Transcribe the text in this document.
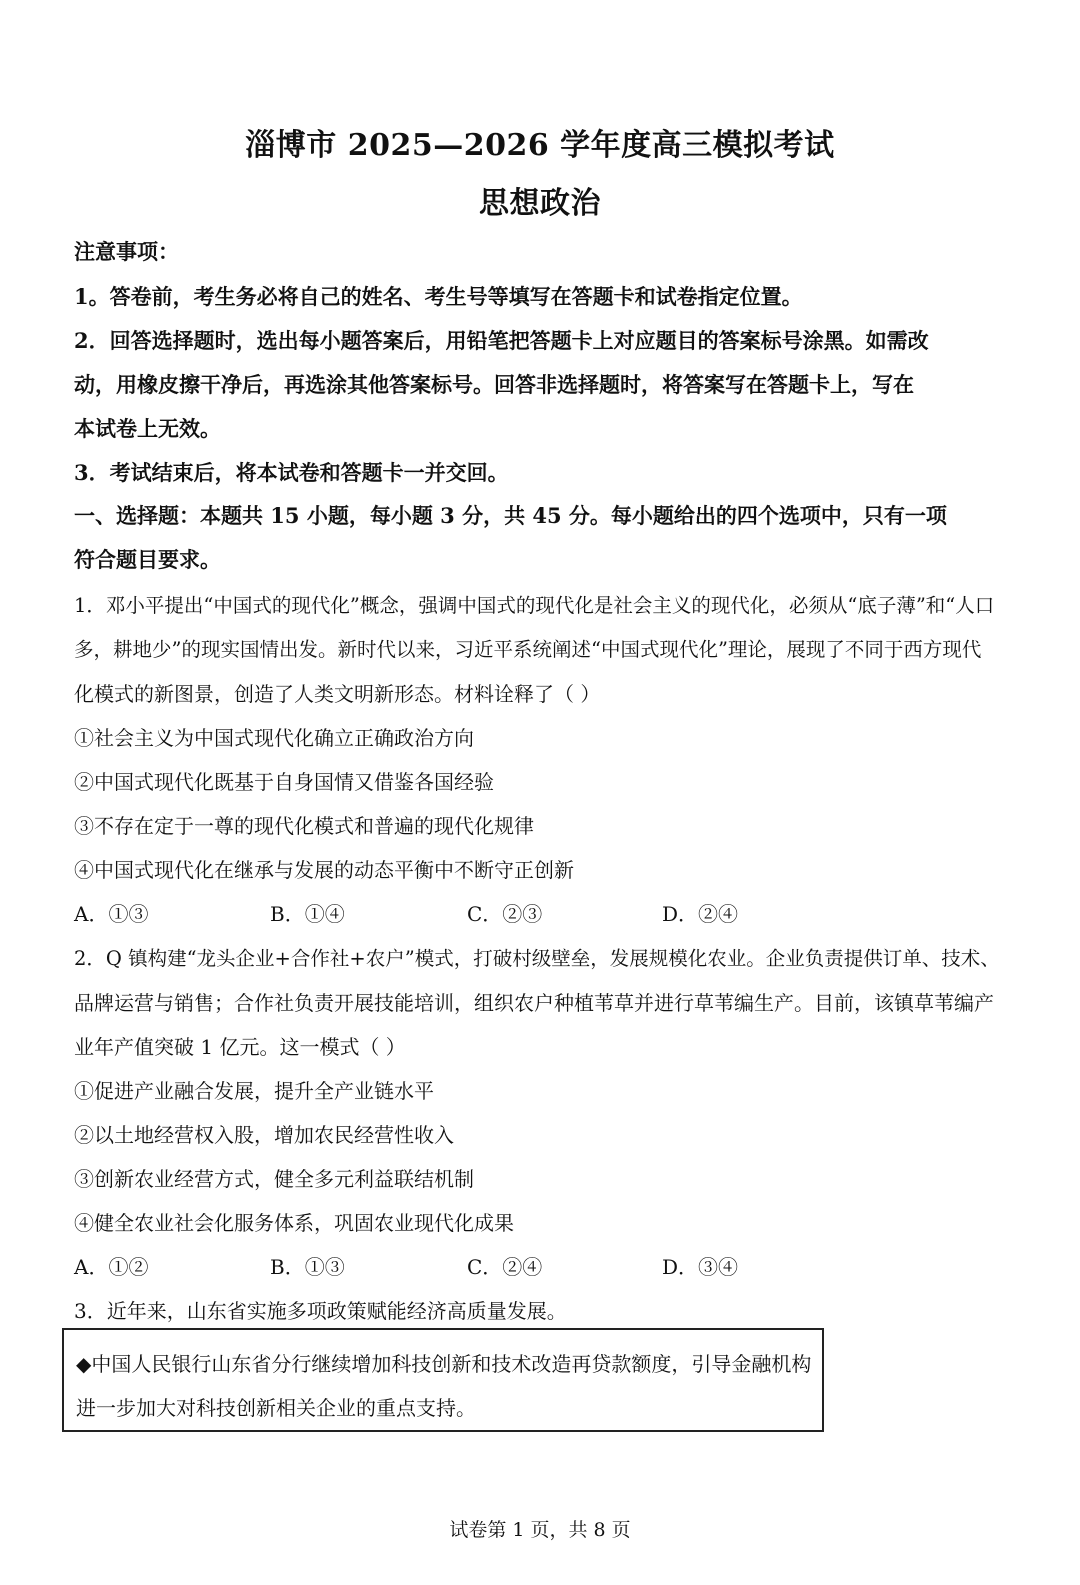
淄博市 2025—2026 学年度高三模拟考试
思想政治
注意事项：
1。答卷前，考生务必将自己的姓名、考生号等填写在答题卡和试卷指定位置。
2．回答选择题时，选出每小题答案后，用铅笔把答题卡上对应题目的答案标号涂黑。如需改
动，用橡皮擦干净后，再选涂其他答案标号。回答非选择题时，将答案写在答题卡上，写在
本试卷上无效。
3．考试结束后，将本试卷和答题卡一并交回。
一、选择题：本题共 15 小题，每小题 3 分，共 45 分。每小题给出的四个选项中，只有一项
符合题目要求。
1．邓小平提出“中国式的现代化”概念，强调中国式的现代化是社会主义的现代化，必须从“底子薄”和“人口
多，耕地少”的现实国情出发。新时代以来，习近平系统阐述“中国式现代化”理论，展现了不同于西方现代
化模式的新图景，创造了人类文明新形态。材料诠释了（ ）
①社会主义为中国式现代化确立正确政治方向
②中国式现代化既基于自身国情又借鉴各国经验
③不存在定于一尊的现代化模式和普遍的现代化规律
④中国式现代化在继承与发展的动态平衡中不断守正创新
A．①③	B．①④	C．②③	D．②④
2．Q 镇构建“龙头企业+合作社+农户”模式，打破村级壁垒，发展规模化农业。企业负责提供订单、技术、
品牌运营与销售；合作社负责开展技能培训，组织农户种植苇草并进行草苇编生产。目前，该镇草苇编产
业年产值突破 1 亿元。这一模式（ ）
①促进产业融合发展，提升全产业链水平
②以土地经营权入股，增加农民经营性收入
③创新农业经营方式，健全多元利益联结机制
④健全农业社会化服务体系，巩固农业现代化成果
A．①②	B．①③	C．②④	D．③④
3．近年来，山东省实施多项政策赋能经济高质量发展。
◆中国人民银行山东省分行继续增加科技创新和技术改造再贷款额度，引导金融机构
进一步加大对科技创新相关企业的重点支持。
试卷第 1 页，共 8 页
